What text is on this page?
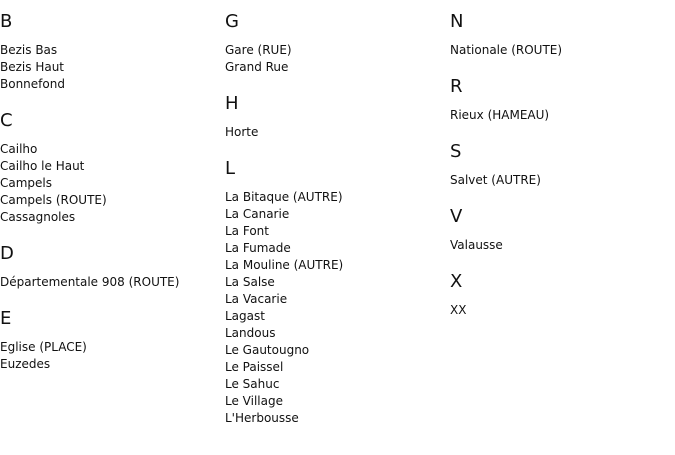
B
Bezis Bas
Bezis Haut
Bonnefond
C
Cailho
Cailho le Haut
Campels
Campels (ROUTE)
Cassagnoles
D
Départementale 908 (ROUTE)
E
Eglise (PLACE)
Euzedes
G
Gare (RUE)
Grand Rue
H
Horte
L
La Bitaque (AUTRE)
La Canarie
La Font
La Fumade
La Mouline (AUTRE)
La Salse
La Vacarie
Lagast
Landous
Le Gautougno
Le Paissel
Le Sahuc
Le Village
L'Herbousse
N
Nationale (ROUTE)
R
Rieux (HAMEAU)
S
Salvet (AUTRE)
V
Valausse
X
XX
